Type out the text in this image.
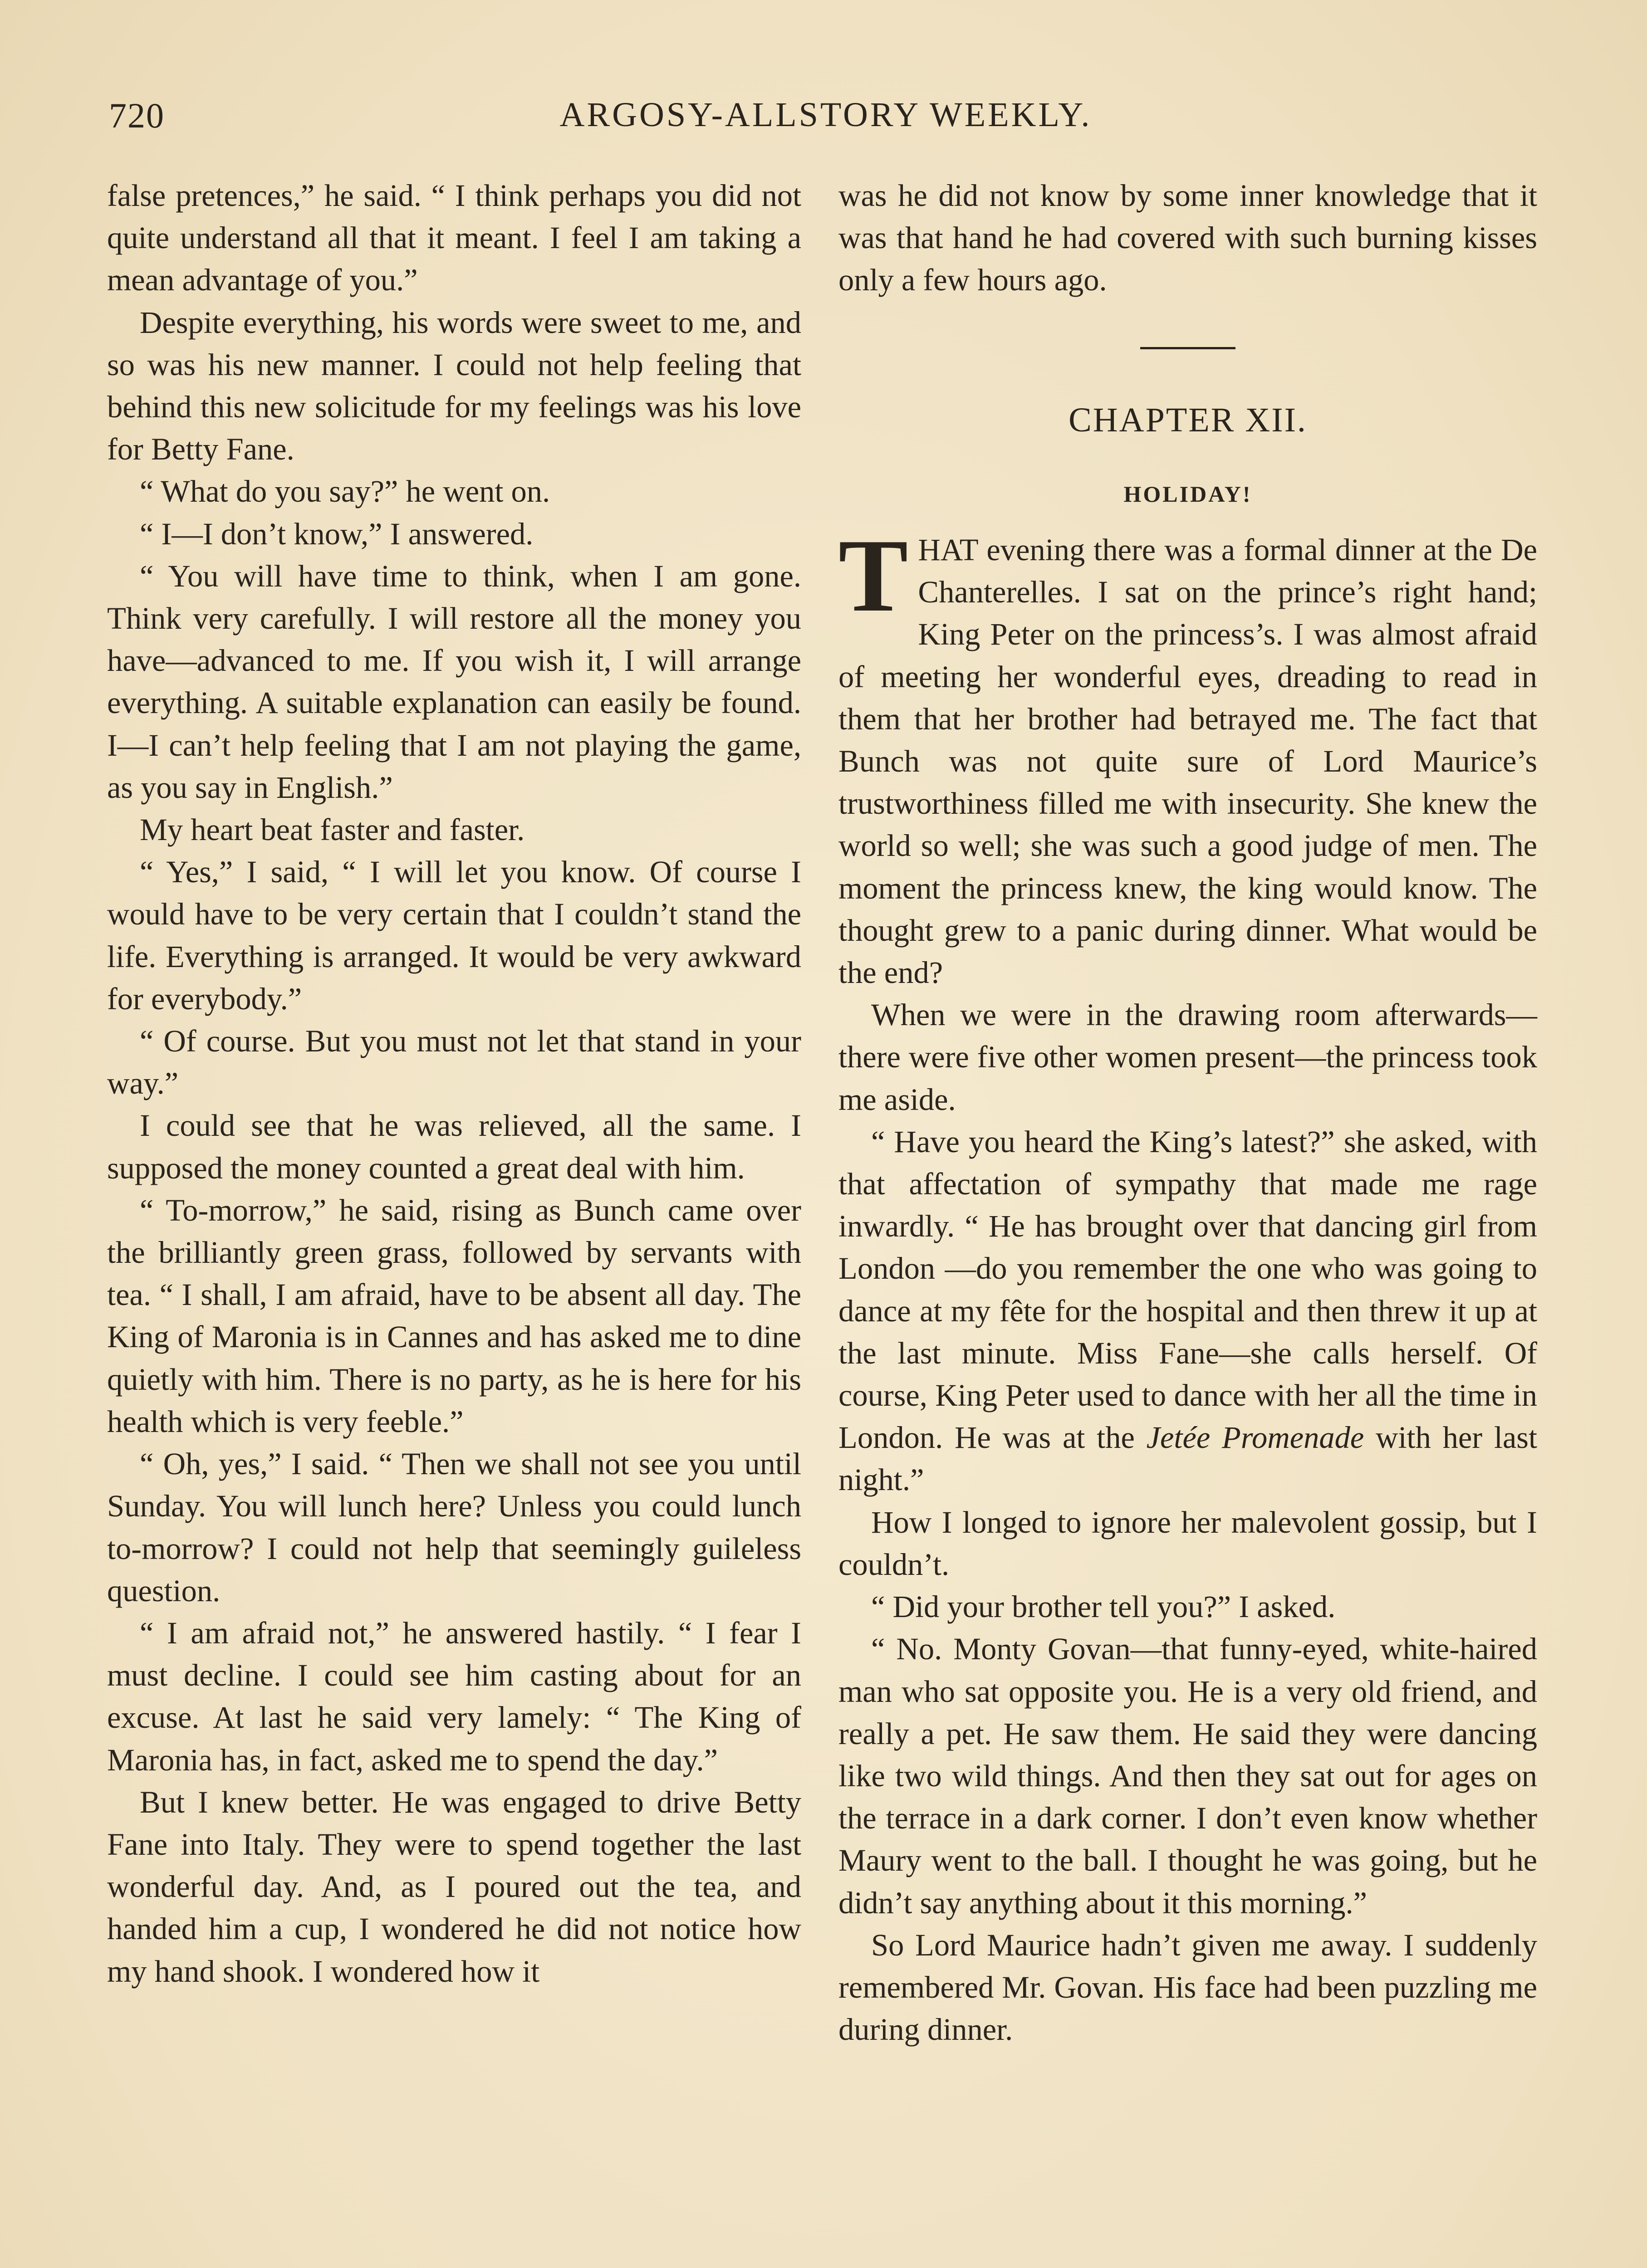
720	ARGOSY-ALLSTORY WEEKLY.

false pretences,” he said. “ I think perhaps you did not quite understand all that it meant. I feel I am taking a mean advantage of you.”

Despite everything, his words were sweet to me, and so was his new manner. I could not help feeling that behind this new solicitude for my feelings was his love for Betty Fane.

“ What do you say?” he went on.

“ I—I don’t know,” I answered.

“ You will have time to think, when I am gone. Think very carefully. I will restore all the money you have—advanced to me. If you wish it, I will arrange everything. A suitable explanation can easily be found. I—I can’t help feeling that I am not playing the game, as you say in English.”

My heart beat faster and faster.

“ Yes,” I said, “ I will let you know. Of course I would have to be very certain that I couldn’t stand the life. Everything is arranged. It would be very awkward for everybody.”

“ Of course. But you must not let that stand in your way.”

I could see that he was relieved, all the same. I supposed the money counted a great deal with him.

“ To-morrow,” he said, rising as Bunch came over the brilliantly green grass, followed by servants with tea. “ I shall, I am afraid, have to be absent all day. The King of Maronia is in Cannes and has asked me to dine quietly with him. There is no party, as he is here for his health which is very feeble.”

“ Oh, yes,” I said. “ Then we shall not see you until Sunday. You will lunch here? Unless you could lunch to-morrow? I could not help that seemingly guileless question.

“ I am afraid not,” he answered hastily. “ I fear I must decline. I could see him casting about for an excuse. At last he said very lamely: “ The King of Maronia has, in fact, asked me to spend the day.”

But I knew better. He was engaged to drive Betty Fane into Italy. They were to spend together the last wonderful day. And, as I poured out the tea, and handed him a cup, I wondered he did not notice how my hand shook. I wondered how it

was he did not know by some inner knowledge that it was that hand he had covered with such burning kisses only a few hours ago.

CHAPTER XII.
HOLIDAY!

THAT evening there was a formal dinner at the De Chanterelles. I sat on the prince’s right hand; King Peter on the princess’s. I was almost afraid of meeting her wonderful eyes, dreading to read in them that her brother had betrayed me. The fact that Bunch was not quite sure of Lord Maurice’s trustworthiness filled me with insecurity. She knew the world so well; she was such a good judge of men. The moment the princess knew, the king would know. The thought grew to a panic during dinner. What would be the end?

When we were in the drawing room afterwards—there were five other women present—the princess took me aside.

“ Have you heard the King’s latest?” she asked, with that affectation of sympathy that made me rage inwardly. “ He has brought over that dancing girl from London —do you remember the one who was going to dance at my fête for the hospital and then threw it up at the last minute. Miss Fane—she calls herself. Of course, King Peter used to dance with her all the time in London. He was at the Jetée Promenade with her last night.”

How I longed to ignore her malevolent gossip, but I couldn’t.

“ Did your brother tell you?” I asked.

“ No. Monty Govan—that funny-eyed, white-haired man who sat opposite you. He is a very old friend, and really a pet. He saw them. He said they were dancing like two wild things. And then they sat out for ages on the terrace in a dark corner. I don’t even know whether Maury went to the ball. I thought he was going, but he didn’t say anything about it this morning.”

So Lord Maurice hadn’t given me away. I suddenly remembered Mr. Govan. His face had been puzzling me during dinner.
